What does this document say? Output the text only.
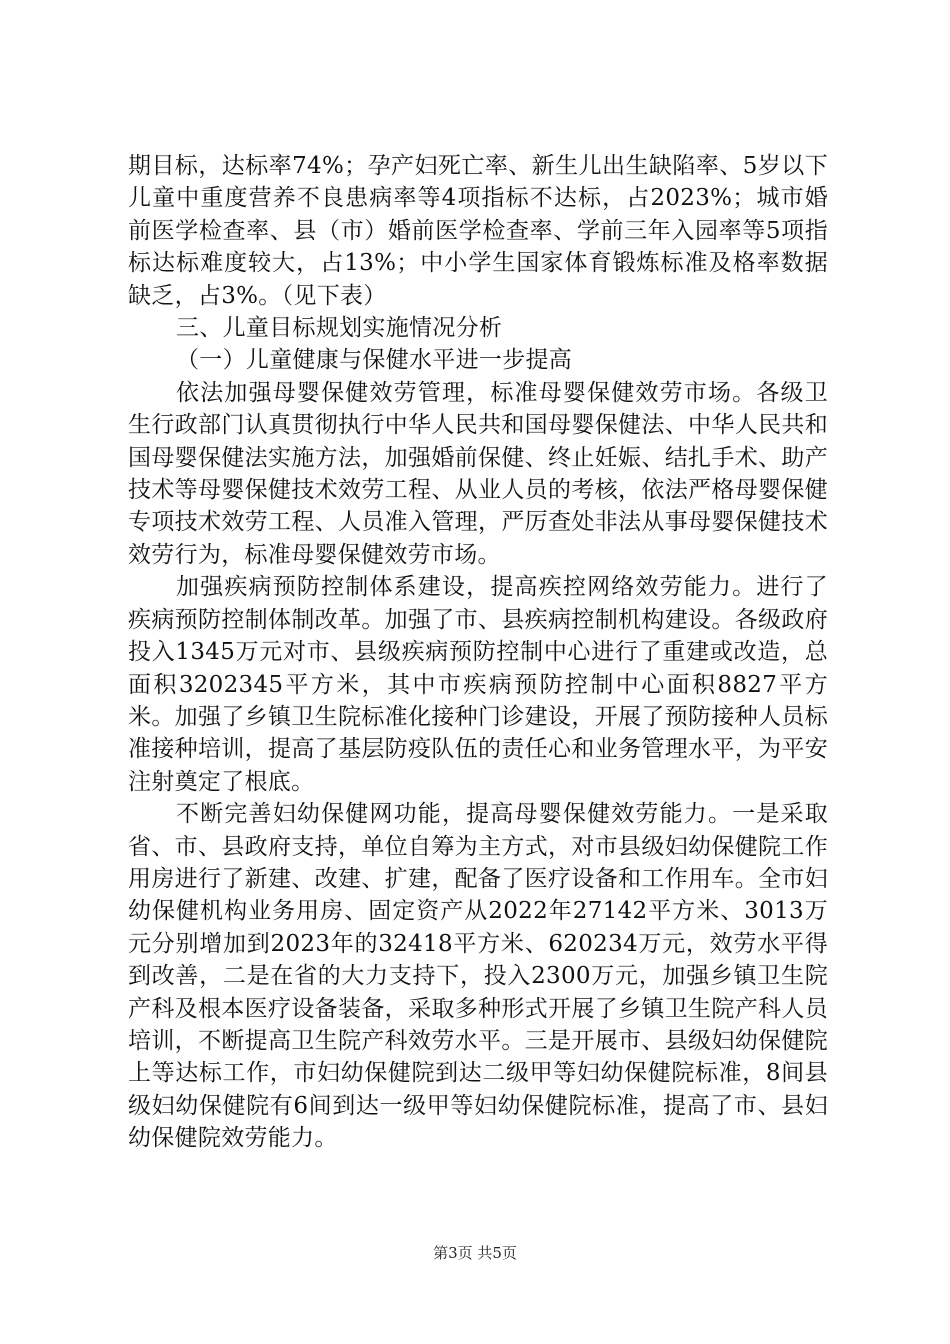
期目标，达标率74%；孕产妇死亡率、新生儿出生缺陷率、5岁以下儿童中重度营养不良患病率等4项指标不达标，占2023%；城市婚前医学检查率、县（市）婚前医学检查率、学前三年入园率等5项指标达标难度较大，占13%；中小学生国家体育锻炼标准及格率数据缺乏，占3%。（见下表）

三、儿童目标规划实施情况分析

（一）儿童健康与保健水平进一步提高

依法加强母婴保健效劳管理，标准母婴保健效劳市场。各级卫生行政部门认真贯彻执行中华人民共和国母婴保健法、中华人民共和国母婴保健法实施方法，加强婚前保健、终止妊娠、结扎手术、助产技术等母婴保健技术效劳工程、从业人员的考核，依法严格母婴保健专项技术效劳工程、人员准入管理，严厉查处非法从事母婴保健技术效劳行为，标准母婴保健效劳市场。

加强疾病预防控制体系建设，提高疾控网络效劳能力。进行了疾病预防控制体制改革。加强了市、县疾病控制机构建设。各级政府投入1345万元对市、县级疾病预防控制中心进行了重建或改造，总面积3202345平方米，其中市疾病预防控制中心面积8827平方米。加强了乡镇卫生院标准化接种门诊建设，开展了预防接种人员标准接种培训，提高了基层防疫队伍的责任心和业务管理水平，为平安注射奠定了根底。

不断完善妇幼保健网功能，提高母婴保健效劳能力。一是采取省、市、县政府支持，单位自筹为主方式，对市县级妇幼保健院工作用房进行了新建、改建、扩建，配备了医疗设备和工作用车。全市妇幼保健机构业务用房、固定资产从2022年27142平方米、3013万元分别增加到2023年的32418平方米、620234万元，效劳水平得到改善，二是在省的大力支持下，投入2300万元，加强乡镇卫生院产科及根本医疗设备装备，采取多种形式开展了乡镇卫生院产科人员培训，不断提高卫生院产科效劳水平。三是开展市、县级妇幼保健院上等达标工作，市妇幼保健院到达二级甲等妇幼保健院标准，8间县级妇幼保健院有6间到达一级甲等妇幼保健院标准，提高了市、县妇幼保健院效劳能力。

第3页 共5页
